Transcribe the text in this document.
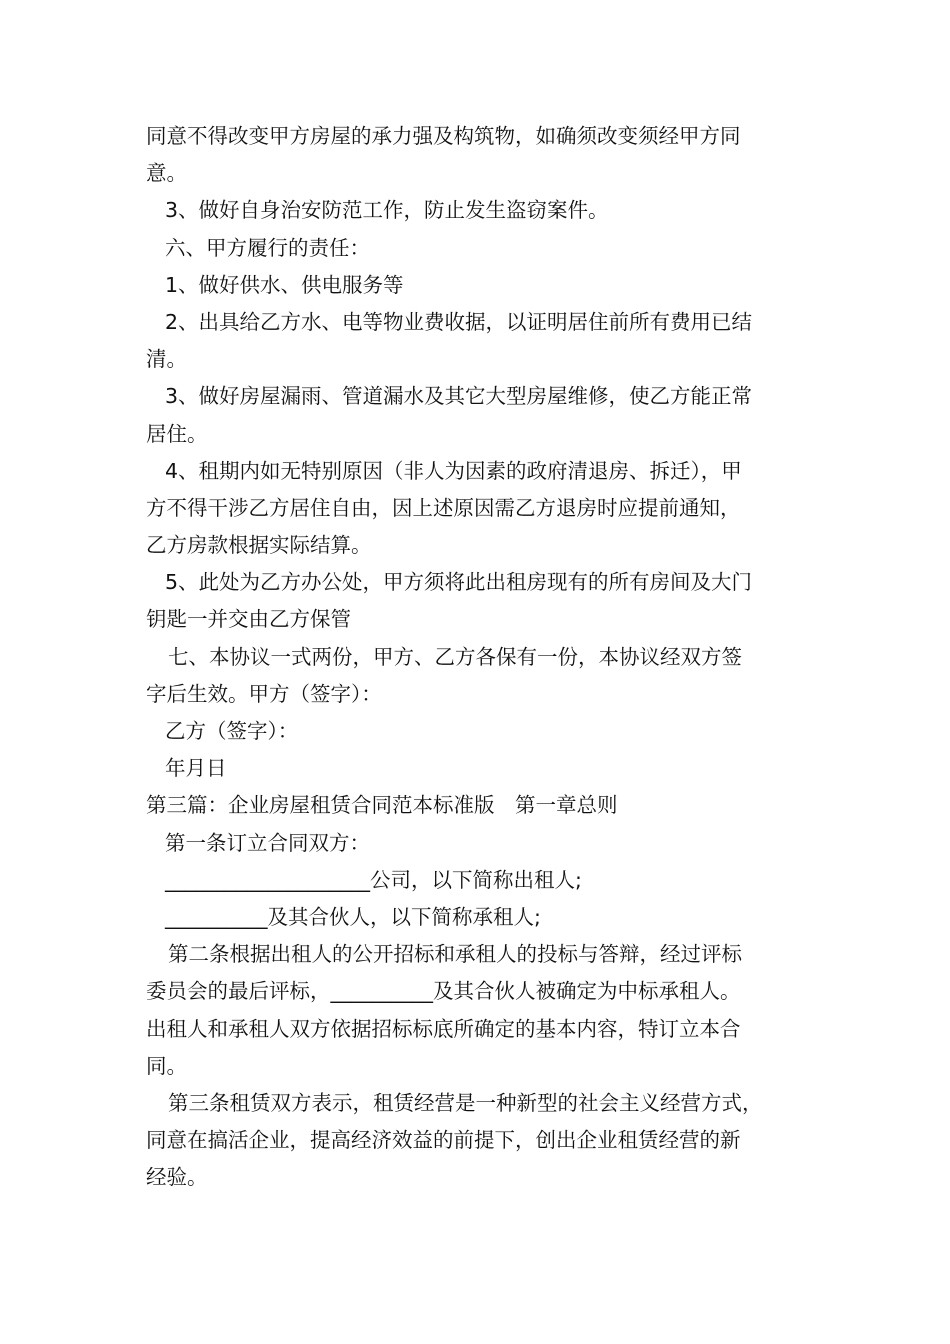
同意不得改变甲方房屋的承力强及构筑物，如确须改变须经甲方同
意。
3、做好自身治安防范工作，防止发生盗窃案件。
六、甲方履行的责任：
1、做好供水、供电服务等
2、出具给乙方水、电等物业费收据，以证明居住前所有费用已结
清。
3、做好房屋漏雨、管道漏水及其它大型房屋维修，使乙方能正常
居住。
4、租期内如无特别原因（非人为因素的政府清退房、拆迁），甲
方不得干涉乙方居住自由，因上述原因需乙方退房时应提前通知，
乙方房款根据实际结算。
5、此处为乙方办公处，甲方须将此出租房现有的所有房间及大门
钥匙一并交由乙方保管
七、本协议一式两份，甲方、乙方各保有一份，本协议经双方签
字后生效。甲方（签字）：
乙方（签字）：
年月日
第三篇：企业房屋租赁合同范本标准版　第一章总则
第一条订立合同双方：
____________________公司，以下简称出租人;
__________及其合伙人，以下简称承租人;
第二条根据出租人的公开招标和承租人的投标与答辩，经过评标
委员会的最后评标，__________及其合伙人被确定为中标承租人。
出租人和承租人双方依据招标标底所确定的基本内容，特订立本合
同。
第三条租赁双方表示，租赁经营是一种新型的社会主义经营方式，
同意在搞活企业，提高经济效益的前提下，创出企业租赁经营的新
经验。
